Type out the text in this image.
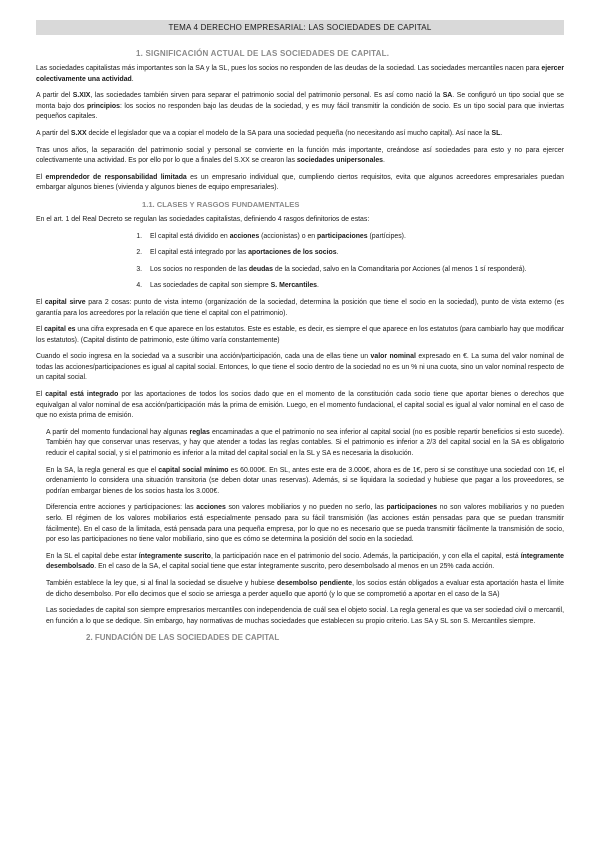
TEMA 4 DERECHO EMPRESARIAL: LAS SOCIEDADES DE CAPITAL
1. SIGNIFICACIÓN ACTUAL DE LAS SOCIEDADES DE CAPITAL.

Las sociedades capitalistas más importantes son la SA y la SL, pues los socios no responden de las deudas de la sociedad. Las sociedades mercantiles nacen para ejercer colectivamente una actividad.

A partir del S.XIX, las sociedades también sirven para separar el patrimonio social del patrimonio personal. Es así como nació la SA. Se configuró un tipo social que se monta bajo dos principios: los socios no responden bajo las deudas de la sociedad, y es muy fácil transmitir la condición de socio. Es un tipo social para que inviertas pequeños capitales.

A partir del S.XX decide el legislador que va a copiar el modelo de la SA para una sociedad pequeña (no necesitando así mucho capital). Así nace la SL.

Tras unos años, la separación del patrimonio social y personal se convierte en la función más importante, creándose así sociedades para esto y no para ejercer colectivamente una actividad. Es por ello por lo que a finales del S.XX se crearon las sociedades unipersonales.

El emprendedor de responsabilidad limitada es un empresario individual que, cumpliendo ciertos requisitos, evita que algunos acreedores empresariales puedan embargar algunos bienes (vivienda y algunos bienes de equipo empresariales).

1.1. CLASES Y RASGOS FUNDAMENTALES

En el art. 1 del Real Decreto se regulan las sociedades capitalistas, definiendo 4 rasgos definitorios de estas:

1. El capital está dividido en acciones (accionistas) o en participaciones (partícipes).
2. El capital está integrado por las aportaciones de los socios.
3. Los socios no responden de las deudas de la sociedad, salvo en la Comanditaria por Acciones (al menos 1 sí responderá).
4. Las sociedades de capital son siempre S. Mercantiles.

El capital sirve para 2 cosas: punto de vista interno (organización de la sociedad, determina la posición que tiene el socio en la sociedad), punto de vista externo (es garantía para los acreedores por la relación que tiene el capital con el patrimonio).

El capital es una cifra expresada en € que aparece en los estatutos. Este es estable, es decir, es siempre el que aparece en los estatutos (para cambiarlo hay que modificar los estatutos). (Capital distinto de patrimonio, este último varía constantemente)

Cuando el socio ingresa en la sociedad va a suscribir una acción/participación, cada una de ellas tiene un valor nominal expresado en €. La suma del valor nominal de todas las acciones/participaciones es igual al capital social. Entonces, lo que tiene el socio dentro de la sociedad no es un % ni una cuota, sino un valor nominal respecto de un capital social.

El capital está integrado por las aportaciones de todos los socios dado que en el momento de la constitución cada socio tiene que aportar bienes o derechos que equivalgan al valor nominal de esa acción/participación más la prima de emisión. Luego, en el momento fundacional, el capital social es igual al valor nominal en el caso de que no exista prima de emisión.

A partir del momento fundacional hay algunas reglas encaminadas a que el patrimonio no sea inferior al capital social (no es posible repartir beneficios si esto sucede). También hay que conservar unas reservas, y hay que atender a todas las reglas contables. Si el patrimonio es inferior a 2/3 del capital social en la SA es obligatorio reducir el capital social, y si el patrimonio es inferior a la mitad del capital social en la SL y SA es necesaria la disolución.

En la SA, la regla general es que el capital social mínimo es 60.000€. En SL, antes este era de 3.000€, ahora es de 1€, pero si se constituye una sociedad con 1€, el ordenamiento lo considera una situación transitoria (se deben dotar unas reservas). Además, si se liquidara la sociedad y hubiese que pagar a los proveedores, se podrían embargar bienes de los socios hasta los 3.000€.

Diferencia entre acciones y participaciones: las acciones son valores mobiliarios y no pueden no serlo, las participaciones no son valores mobiliarios y no pueden serlo. El régimen de los valores mobiliarios está especialmente pensado para su fácil transmisión (las acciones están pensadas para que se puedan transmitir fácilmente). En el caso de la limitada, está pensada para una pequeña empresa, por lo que no es necesario que se pueda transmitir fácilmente la transmisión de socio, por eso las participaciones no tiene valor mobiliario, sino que es cómo se determina la posición del socio en la sociedad.

En la SL el capital debe estar íntegramente suscrito, la participación nace en el patrimonio del socio. Además, la participación, y con ella el capital, está íntegramente desembolsado. En el caso de la SA, el capital social tiene que estar íntegramente suscrito, pero desembolsado al menos en un 25% cada acción.

También establece la ley que, si al final la sociedad se disuelve y hubiese desembolso pendiente, los socios están obligados a evaluar esta aportación hasta el límite de dicho desembolso. Por ello decimos que el socio se arriesga a perder aquello que aportó (y lo que se comprometió a aportar en el caso de la SA)

Las sociedades de capital son siempre empresarios mercantiles con independencia de cuál sea el objeto social. La regla general es que va ser sociedad civil o mercantil, en función a lo que se dedique. Sin embargo, hay normativas de muchas sociedades que establecen su propio criterio. Las SA y SL son S. Mercantiles siempre.

2. FUNDACIÓN DE LAS SOCIEDADES DE CAPITAL
